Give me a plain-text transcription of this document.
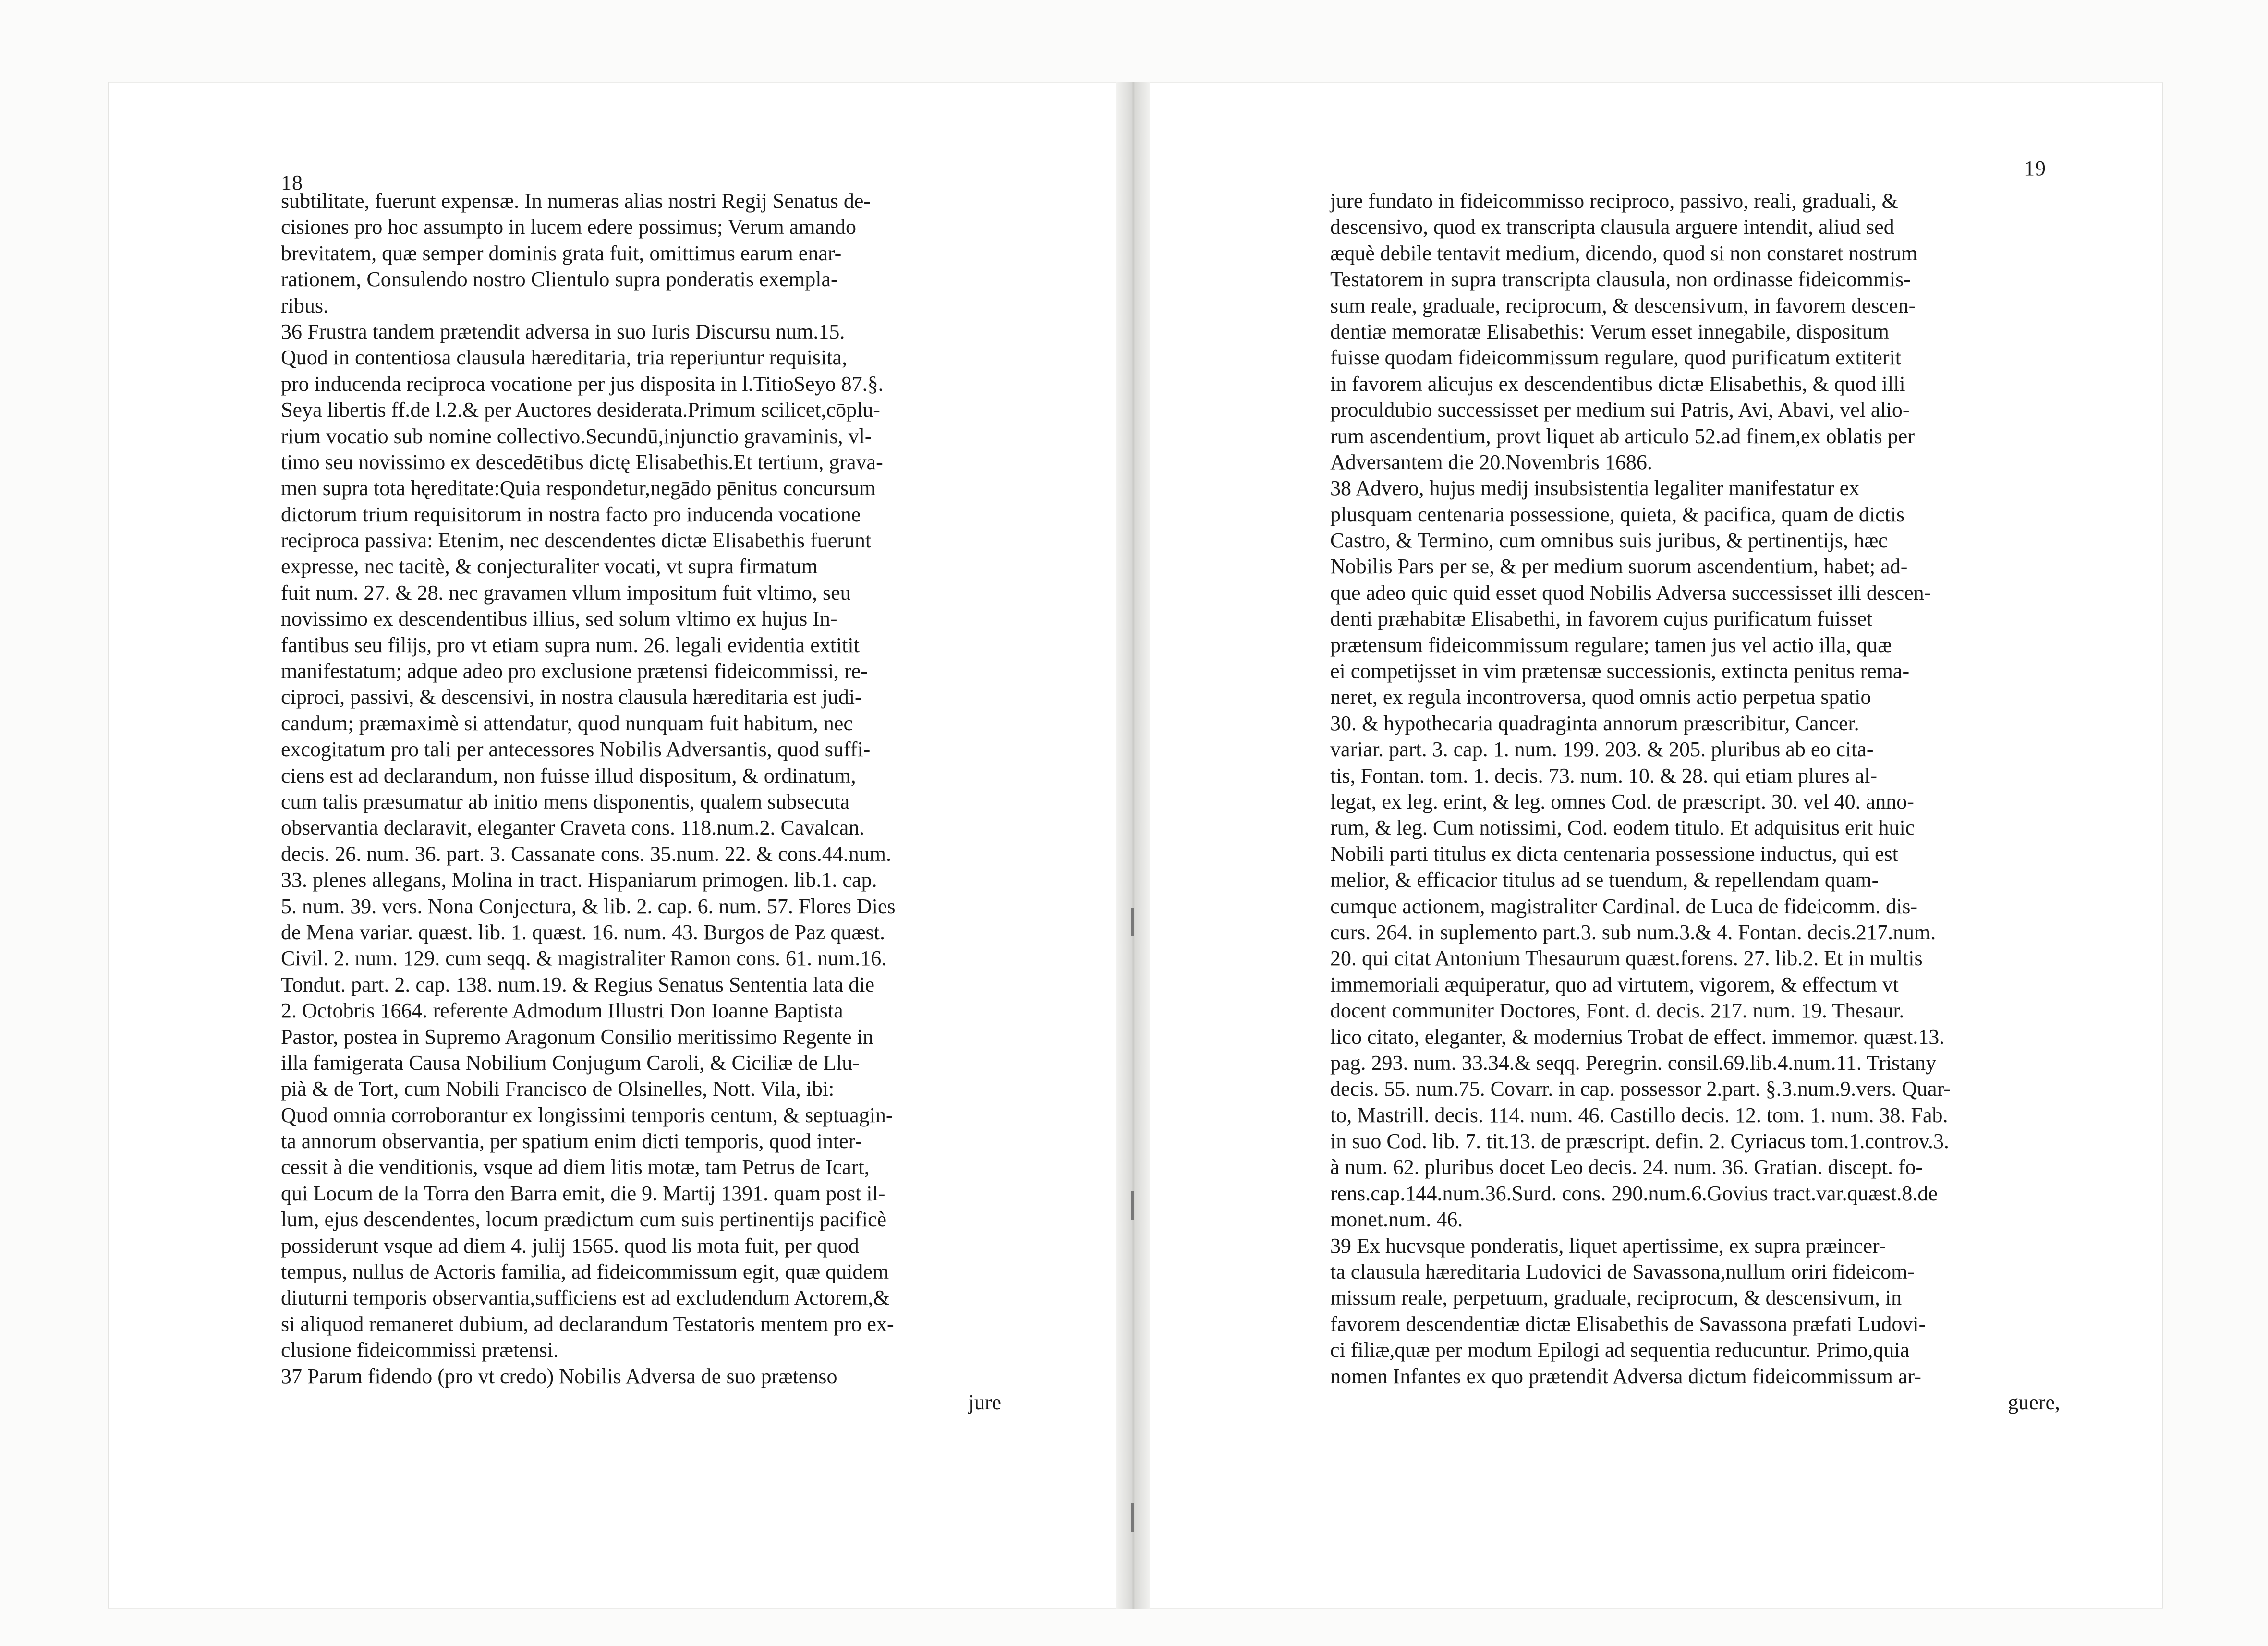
18
19
subtilitate, fuerunt expensæ. In numeras alias nostri Regij Senatus de-
cisiones pro hoc assumpto in lucem edere possimus; Verum amando
brevitatem, quæ semper dominis grata fuit, omittimus earum enar-
rationem, Consulendo nostro Clientulo supra ponderatis exempla-
ribus.
36 Frustra tandem prætendit adversa in suo Iuris Discursu num.15.
Quod in contentiosa clausula hæreditaria, tria reperiuntur requisita,
pro inducenda reciproca vocatione per jus disposita in l.TitioSeyo 87.§.
Seya libertis ff.de l.2.& per Auctores desiderata.Primum scilicet,cōplu-
rium vocatio sub nomine collectivo.Secundū,injunctio gravaminis, vl-
timo seu novissimo ex descedētibus dictę Elisabethis.Et tertium, grava-
men supra tota hęreditate:Quia respondetur,negādo pēnitus concursum
dictorum trium requisitorum in nostra facto pro inducenda vocatione
reciproca passiva: Etenim, nec descendentes dictæ Elisabethis fuerunt
expresse, nec tacitè, & conjecturaliter vocati, vt supra firmatum
fuit num. 27. & 28. nec gravamen vllum impositum fuit vltimo, seu
novissimo ex descendentibus illius, sed solum vltimo ex hujus In-
fantibus seu filijs, pro vt etiam supra num. 26. legali evidentia extitit
manifestatum; adque adeo pro exclusione prætensi fideicommissi, re-
ciproci, passivi, & descensivi, in nostra clausula hæreditaria est judi-
candum; præmaximè si attendatur, quod nunquam fuit habitum, nec
excogitatum pro tali per antecessores Nobilis Adversantis, quod suffi-
ciens est ad declarandum, non fuisse illud dispositum, & ordinatum,
cum talis præsumatur ab initio mens disponentis, qualem subsecuta
observantia declaravit, eleganter Craveta cons. 118.num.2. Cavalcan.
decis. 26. num. 36. part. 3. Cassanate cons. 35.num. 22. & cons.44.num.
33. plenes allegans, Molina in tract. Hispaniarum primogen. lib.1. cap.
5. num. 39. vers. Nona Conjectura, & lib. 2. cap. 6. num. 57. Flores Dies
de Mena variar. quæst. lib. 1. quæst. 16. num. 43. Burgos de Paz quæst.
Civil. 2. num. 129. cum seqq. & magistraliter Ramon cons. 61. num.16.
Tondut. part. 2. cap. 138. num.19. & Regius Senatus Sententia lata die
2. Octobris 1664. referente Admodum Illustri Don Ioanne Baptista
Pastor, postea in Supremo Aragonum Consilio meritissimo Regente in
illa famigerata Causa Nobilium Conjugum Caroli, & Ciciliæ de Llu-
pià & de Tort, cum Nobili Francisco de Olsinelles, Nott. Vila, ibi:
Quod omnia corroborantur ex longissimi temporis centum, & septuagin-
ta annorum observantia, per spatium enim dicti temporis, quod inter-
cessit à die venditionis, vsque ad diem litis motæ, tam Petrus de Icart,
qui Locum de la Torra den Barra emit, die 9. Martij 1391. quam post il-
lum, ejus descendentes, locum prædictum cum suis pertinentijs pacificè
possiderunt vsque ad diem 4. julij 1565. quod lis mota fuit, per quod
tempus, nullus de Actoris familia, ad fideicommissum egit, quæ quidem
diuturni temporis observantia,sufficiens est ad excludendum Actorem,&
si aliquod remaneret dubium, ad declarandum Testatoris mentem pro ex-
clusione fideicommissi prætensi.
37 Parum fidendo (pro vt credo) Nobilis Adversa de suo prætenso
jure
jure fundato in fideicommisso reciproco, passivo, reali, graduali, &
descensivo, quod ex transcripta clausula arguere intendit, aliud sed
æquè debile tentavit medium, dicendo, quod si non constaret nostrum
Testatorem in supra transcripta clausula, non ordinasse fideicommis-
sum reale, graduale, reciprocum, & descensivum, in favorem descen-
dentiæ memoratæ Elisabethis: Verum esset innegabile, dispositum
fuisse quodam fideicommissum regulare, quod purificatum extiterit
in favorem alicujus ex descendentibus dictæ Elisabethis, & quod illi
proculdubio successisset per medium sui Patris, Avi, Abavi, vel alio-
rum ascendentium, provt liquet ab articulo 52.ad finem,ex oblatis per
Adversantem die 20.Novembris 1686.
38 Advero, hujus medij insubsistentia legaliter manifestatur ex
plusquam centenaria possessione, quieta, & pacifica, quam de dictis
Castro, & Termino, cum omnibus suis juribus, & pertinentijs, hæc
Nobilis Pars per se, & per medium suorum ascendentium, habet; ad-
que adeo quic quid esset quod Nobilis Adversa successisset illi descen-
denti præhabitæ Elisabethi, in favorem cujus purificatum fuisset
prætensum fideicommissum regulare; tamen jus vel actio illa, quæ
ei competijsset in vim prætensæ successionis, extincta penitus rema-
neret, ex regula incontroversa, quod omnis actio perpetua spatio
30. & hypothecaria quadraginta annorum præscribitur, Cancer.
variar. part. 3. cap. 1. num. 199. 203. & 205. pluribus ab eo cita-
tis, Fontan. tom. 1. decis. 73. num. 10. & 28. qui etiam plures al-
legat, ex leg. erint, & leg. omnes Cod. de præscript. 30. vel 40. anno-
rum, & leg. Cum notissimi, Cod. eodem titulo. Et adquisitus erit huic
Nobili parti titulus ex dicta centenaria possessione inductus, qui est
melior, & efficacior titulus ad se tuendum, & repellendam quam-
cumque actionem, magistraliter Cardinal. de Luca de fideicomm. dis-
curs. 264. in suplemento part.3. sub num.3.& 4. Fontan. decis.217.num.
20. qui citat Antonium Thesaurum quæst.forens. 27. lib.2. Et in multis
immemoriali æquiperatur, quo ad virtutem, vigorem, & effectum vt
docent communiter Doctores, Font. d. decis. 217. num. 19. Thesaur.
lico citato, eleganter, & modernius Trobat de effect. immemor. quæst.13.
pag. 293. num. 33.34.& seqq. Peregrin. consil.69.lib.4.num.11. Tristany
decis. 55. num.75. Covarr. in cap. possessor 2.part. §.3.num.9.vers. Quar-
to, Mastrill. decis. 114. num. 46. Castillo decis. 12. tom. 1. num. 38. Fab.
in suo Cod. lib. 7. tit.13. de præscript. defin. 2. Cyriacus tom.1.controv.3.
à num. 62. pluribus docet Leo decis. 24. num. 36. Gratian. discept. fo-
rens.cap.144.num.36.Surd. cons. 290.num.6.Govius tract.var.quæst.8.de
monet.num. 46.
39 Ex hucvsque ponderatis, liquet apertissime, ex supra præincer-
ta clausula hæreditaria Ludovici de Savassona,nullum oriri fideicom-
missum reale, perpetuum, graduale, reciprocum, & descensivum, in
favorem descendentiæ dictæ Elisabethis de Savassona præfati Ludovi-
ci filiæ,quæ per modum Epilogi ad sequentia reducuntur. Primo,quia
nomen Infantes ex quo prætendit Adversa dictum fideicommissum ar-
guere,
